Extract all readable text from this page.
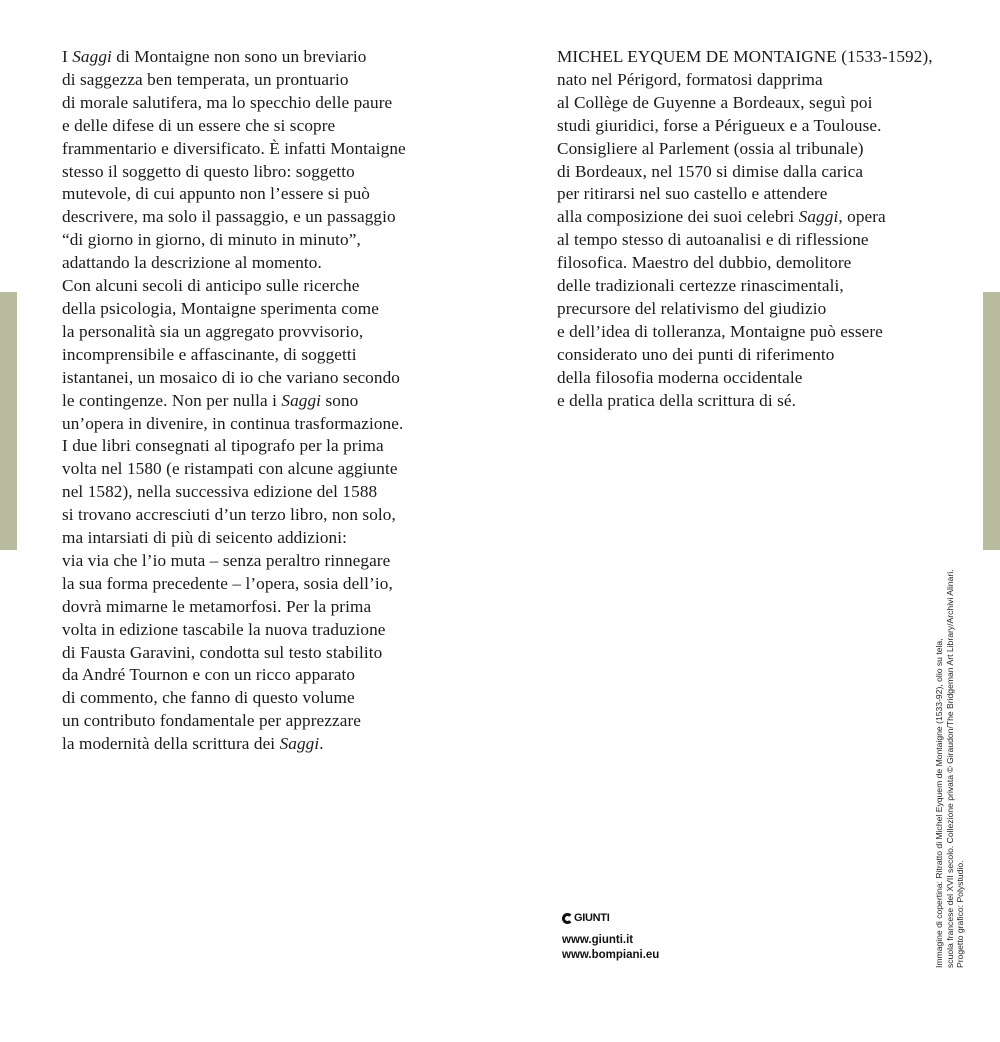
I Saggi di Montaigne non sono un breviario
di saggezza ben temperata, un prontuario
di morale salutifera, ma lo specchio delle paure
e delle difese di un essere che si scopre
frammentario e diversificato. È infatti Montaigne
stesso il soggetto di questo libro: soggetto
mutevole, di cui appunto non l’essere si può
descrivere, ma solo il passaggio, e un passaggio
“di giorno in giorno, di minuto in minuto”,
adattando la descrizione al momento.
Con alcuni secoli di anticipo sulle ricerche
della psicologia, Montaigne sperimenta come
la personalità sia un aggregato provvisorio,
incomprensibile e affascinante, di soggetti
istantanei, un mosaico di io che variano secondo
le contingenze. Non per nulla i Saggi sono
un’opera in divenire, in continua trasformazione.
I due libri consegnati al tipografo per la prima
volta nel 1580 (e ristampati con alcune aggiunte
nel 1582), nella successiva edizione del 1588
si trovano accresciuti d’un terzo libro, non solo,
ma intarsiati di più di seicento addizioni:
via via che l’io muta – senza peraltro rinnegare
la sua forma precedente – l’opera, sosia dell’io,
dovrà mimarne le metamorfosi. Per la prima
volta in edizione tascabile la nuova traduzione
di Fausta Garavini, condotta sul testo stabilito
da André Tournon e con un ricco apparato
di commento, che fanno di questo volume
un contributo fondamentale per apprezzare
la modernità della scrittura dei Saggi.
MICHEL EYQUEM DE MONTAIGNE (1533-1592),
nato nel Périgord, formatosi dapprima
al Collège de Guyenne a Bordeaux, seguì poi
studi giuridici, forse a Périgueux e a Toulouse.
Consigliere al Parlement (ossia al tribunale)
di Bordeaux, nel 1570 si dimise dalla carica
per ritirarsi nel suo castello e attendere
alla composizione dei suoi celebri Saggi, opera
al tempo stesso di autoanalisi e di riflessione
filosofica. Maestro del dubbio, demolitore
delle tradizionali certezze rinascimentali,
precursore del relativismo del giudizio
e dell’idea di tolleranza, Montaigne può essere
considerato uno dei punti di riferimento
della filosofia moderna occidentale
e della pratica della scrittura di sé.
GIUNTI
www.giunti.it
www.bompiani.eu	Immagine di copertina: Ritratto di Michel Eyquem de Montaigne (1533-92), olio su tela, scuola francese del XVII secolo. Collezione privata © Giraudon/The Bridgeman Art Library/Archivi Alinari. Progetto grafico: Polystudio.
